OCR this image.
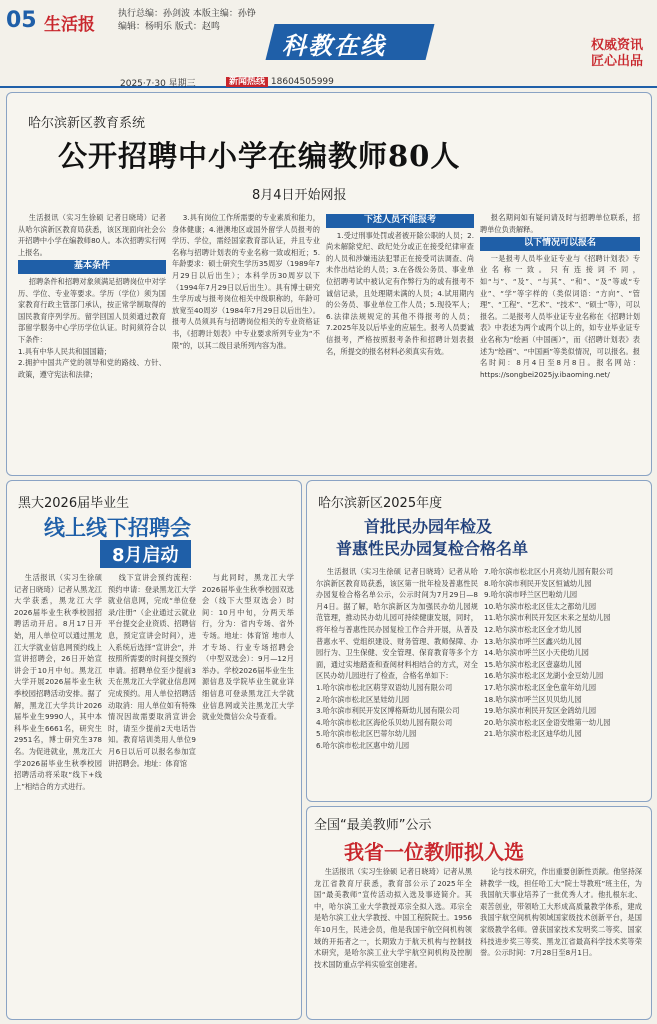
05 生活报
执行总编：孙剑波 本版主编：孙铮
编辑：杨明乐 版式：赵鸣
科教在线	权威资讯
匠心出品
2025·7·30 星期三	新闻热线 18604505999
哈尔滨新区教育系统
公开招聘中小学在编教师80人
8月4日开始网报

生活报讯（实习生徐硕 记者日晓琦）记者从哈尔滨新区教育局获悉，该区现面向社会公开招聘中小学在编教师80人。本次招聘实行网上报名。

基本条件

招聘条件和招聘对象须满足招聘岗位中对学历、学位、专业等要求。学历（学位）须为国家教育行政主管部门承认，按正常学制取得的国民教育序列学历。留学回国人员须通过教育部留学服务中心学历学位认证。时间须符合以下条件：

1.具有中华人民共和国国籍；

2.拥护中国共产党的领导和党的路线、方针、政策，遵守宪法和法律；

3.具有岗位工作所需要的专业素质和能力，身体健康；4.港澳地区或国外留学人员报考的学历、学位，需经国家教育部认证，并且专业名称与招聘计划表的专业名称一致或相近；5.年龄要求：硕士研究生学历35周岁（1989年7月29日以后出生）；本科学历30周岁以下（1994年7月29日以后出生）。具有博士研究生学历或与报考岗位相关中级职称的，年龄可放宽至40周岁（1984年7月29日以后出生）。报考人员须具有与招聘岗位相关的专业资格证书，《招聘计划表》中专业要求所列专业为“不限”的，以其二级目录所列内容为准。

下述人员不能报考

1.受过刑事处罚或者被开除公职的人员；2.尚未解除党纪、政纪处分或正在接受纪律审查的人员和涉嫌违法犯罪正在接受司法调查、尚未作出结论的人员；3.在各级公务员、事业单位招聘考试中被认定有作弊行为的或有报考不诚信记录，且处理期未满的人员；4.试用期内的公务员、事业单位工作人员；5.现役军人；6.法律法规规定的其他不得报考的人员；7.2025年及以后毕业的应届生。报考人员要诚信报考，严格按照报考条件和招聘计划表报名，所提交的报名材料必须真实有效。

报名期间如有疑问请及时与招聘单位联系，招聘单位负责解释。

以下情况可以报名

一是报考人员毕业证专业与《招聘计划表》专业名称一致。只有连接词不同，如“与”、“及”、“与其”、“和”、“及”等或“专业”、“学”等字样的（类似词语：“方向”、“管理”、“工程”、“艺术”、“技术”、“硕士”等），可以报名。二是报考人员毕业证专业名称在《招聘计划表》中表述为两个或两个以上的，如专业毕业证专业名称为“绘画（中国画）”，而《招聘计划表》表述为“绘画”、“中国画”等类似情况，可以报名。报名时间：8月4日至8月8日。报名网站：https://songbei2025jy.ibaoming.net/

黑大2026届毕业生
线上线下招聘会
8月启动

生活报讯（实习生徐硕 记者日晓琦）记者从黑龙江大学获悉，黑龙江大学2026届毕业生秋季校园招聘活动开启。8月17日开始，用人单位可以通过黑龙江大学就业信息网预约线上宣讲招聘会，26日开始宣讲会于10月中旬。黑龙江大学开展2026届毕业生秋季校园招聘活动安排。据了解，黑龙江大学共计2026届毕业生9990人，其中本科毕业生6661名，研究生2951名，博士研究生378名。为促进就业，黑龙江大学2026届毕业生秋季校园招聘活动将采取“线下+线上”相结合的方式进行。

线下宣讲会预约流程：预约申请：登录黑龙江大学就业信息网，完成“单位登录/注册”（企业通过云就业平台提交企业资质、招聘信息，预定宣讲会时间），进入系统后选择“宣讲会”，并按照所需要的时间提交预约申请。招聘单位至少提前3天在黑龙江大学就业信息网完成预约。用人单位招聘活动取消：用人单位如有特殊情况因故需要取消宣讲会时，请至少提前2天电话告知。教育培训类用人单位9月6日以后可以报名参加宣讲招聘会。地址：体育馆

与此同时，黑龙江大学2026届毕业生秋季校园双选会（线下大型双选会）时间：10月中旬，分两天举行，分为：省内专场、省外专场。地址：体育馆 地市人才专场、行业专场招聘会（中型双选会）：9月—12月举办。学校2026届毕业生生源信息及学院毕业生就业详细信息可登录黑龙江大学就业信息网或关注黑龙江大学就业处微信公众号查看。

哈尔滨新区2025年度
首批民办园年检及
普惠性民办园复检合格名单

生活报讯（实习生徐硕 记者日晓琦）记者从哈尔滨新区教育局获悉，该区第一批年检及普惠性民办园复检合格名单公示，公示时间为7月29日—8月4日。据了解，哈尔滨新区为加强民办幼儿园规范管理，推动民办幼儿园可持续健康发展，同时，将年检与普惠性民办园复检工作合并开展，从普及普惠水平、党组织建设、财务管理、教师保障、办园行为、卫生保健、安全管理、保育教育等多个方面，通过实地踏查和查阅材料相结合的方式，对全区民办幼儿园进行了检查，合格名单如下：

1.哈尔滨市松北区萌芽双语幼儿园有限公司

2.哈尔滨市松北区星娃幼儿园

3.哈尔滨市利民开发区博格斯幼儿园有限公司

4.哈尔滨市松北区海伦乐贝幼儿园有限公司

5.哈尔滨市松北区巴蒂尔幼儿园

6.哈尔滨市松北区惠中幼儿园

7.哈尔滨市松北区小月亮幼儿园有限公司

8.哈尔滨市利民开发区恒诚幼儿园

9.哈尔滨市呼兰区巴啦幼儿园

10.哈尔滨市松北区佳太之都幼儿园

11.哈尔滨市利民开发区未来之星幼儿园

12.哈尔滨市松北区金才幼儿园

13.哈尔滨市呼兰区鑫兴幼儿园

14.哈尔滨市呼兰区小天使幼儿园

15.哈尔滨市松北区壹嘉幼儿园

16.哈尔滨市松北区龙湖小金豆幼儿园

17.哈尔滨市松北区金色童年幼儿园

18.哈尔滨市呼兰区贝贝幼儿园

19.哈尔滨市利民开发区金鸽幼儿园

20.哈尔滨市松北区金语安维第一幼儿园

21.哈尔滨市松北区迪华幼儿园

全国“最美教师”公示
我省一位教师拟入选

生活报讯（实习生徐硕 记者日晓琦）记者从黑龙江省教育厅获悉，教育部公示了2025年全国“最美教师”宣传活动拟入选及事迹简介。其中，哈尔滨工业大学教授邓宗全拟入选。邓宗全是哈尔滨工业大学教授、中国工程院院士。1956年10月生，民进会员，他是我国宇航空间机构领域的开拓者之一，长期致力于航天机构与控制技术研究，是哈尔滨工业大学宇航空间机构及控制技术国防重点学科实验室创建者。

论与技术研究，作出重要创新性贡献。他坚持深耕教学一线，担任哈工大“院士导教班”班主任，为我国航天事业培养了一批优秀人才。他扎根东北、艰苦创业，带领哈工大形成高质量教学体系，建成我国宇航空间机构领域国家级技术创新平台，是国家级教学名师。曾获国家技术发明奖二等奖、国家科技进步奖三等奖、黑龙江省最高科学技术奖等荣誉。公示时间：7月28日至8月1日。
